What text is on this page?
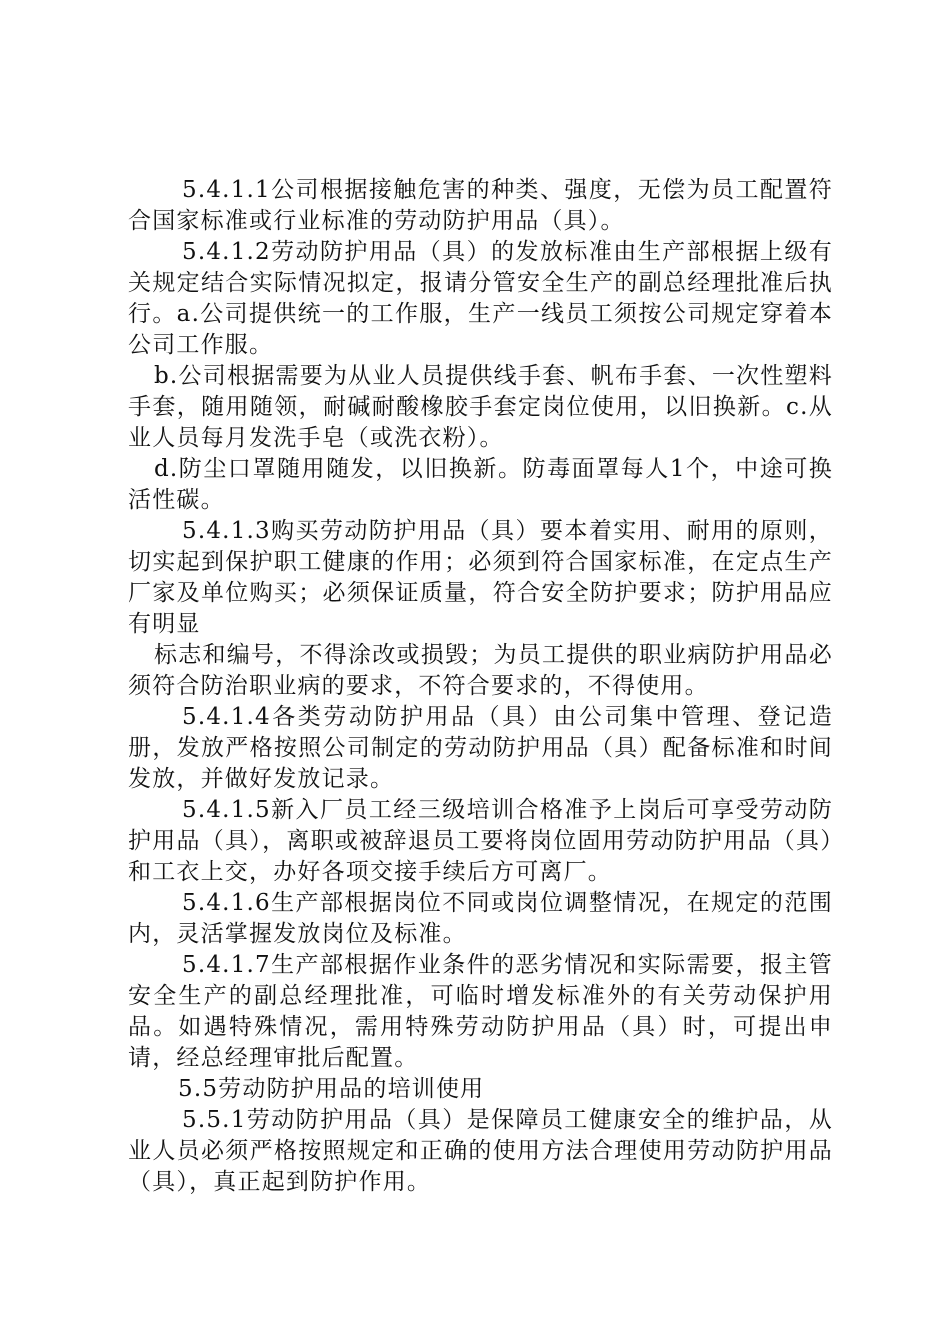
5.4.1.1公司根据接触危害的种类、强度，无偿为员工配置符合国家标准或行业标准的劳动防护用品（具）。

5.4.1.2劳动防护用品（具）的发放标准由生产部根据上级有关规定结合实际情况拟定，报请分管安全生产的副总经理批准后执行。a.公司提供统一的工作服，生产一线员工须按公司规定穿着本公司工作服。

b.公司根据需要为从业人员提供线手套、帆布手套、一次性塑料手套，随用随领，耐碱耐酸橡胶手套定岗位使用，以旧换新。c.从业人员每月发洗手皂（或洗衣粉）。

d.防尘口罩随用随发，以旧换新。防毒面罩每人1个，中途可换活性碳。

5.4.1.3购买劳动防护用品（具）要本着实用、耐用的原则，切实起到保护职工健康的作用；必须到符合国家标准，在定点生产厂家及单位购买；必须保证质量，符合安全防护要求；防护用品应有明显

标志和编号，不得涂改或损毁；为员工提供的职业病防护用品必须符合防治职业病的要求，不符合要求的，不得使用。

5.4.1.4各类劳动防护用品（具）由公司集中管理、登记造册，发放严格按照公司制定的劳动防护用品（具）配备标准和时间发放，并做好发放记录。

5.4.1.5新入厂员工经三级培训合格准予上岗后可享受劳动防护用品（具），离职或被辞退员工要将岗位固用劳动防护用品（具）和工衣上交，办好各项交接手续后方可离厂。

5.4.1.6生产部根据岗位不同或岗位调整情况，在规定的范围内，灵活掌握发放岗位及标准。

5.4.1.7生产部根据作业条件的恶劣情况和实际需要，报主管安全生产的副总经理批准，可临时增发标准外的有关劳动保护用品。如遇特殊情况，需用特殊劳动防护用品（具）时，可提出申请，经总经理审批后配置。

5.5劳动防护用品的培训使用

5.5.1劳动防护用品（具）是保障员工健康安全的维护品，从业人员必须严格按照规定和正确的使用方法合理使用劳动防护用品（具），真正起到防护作用。
